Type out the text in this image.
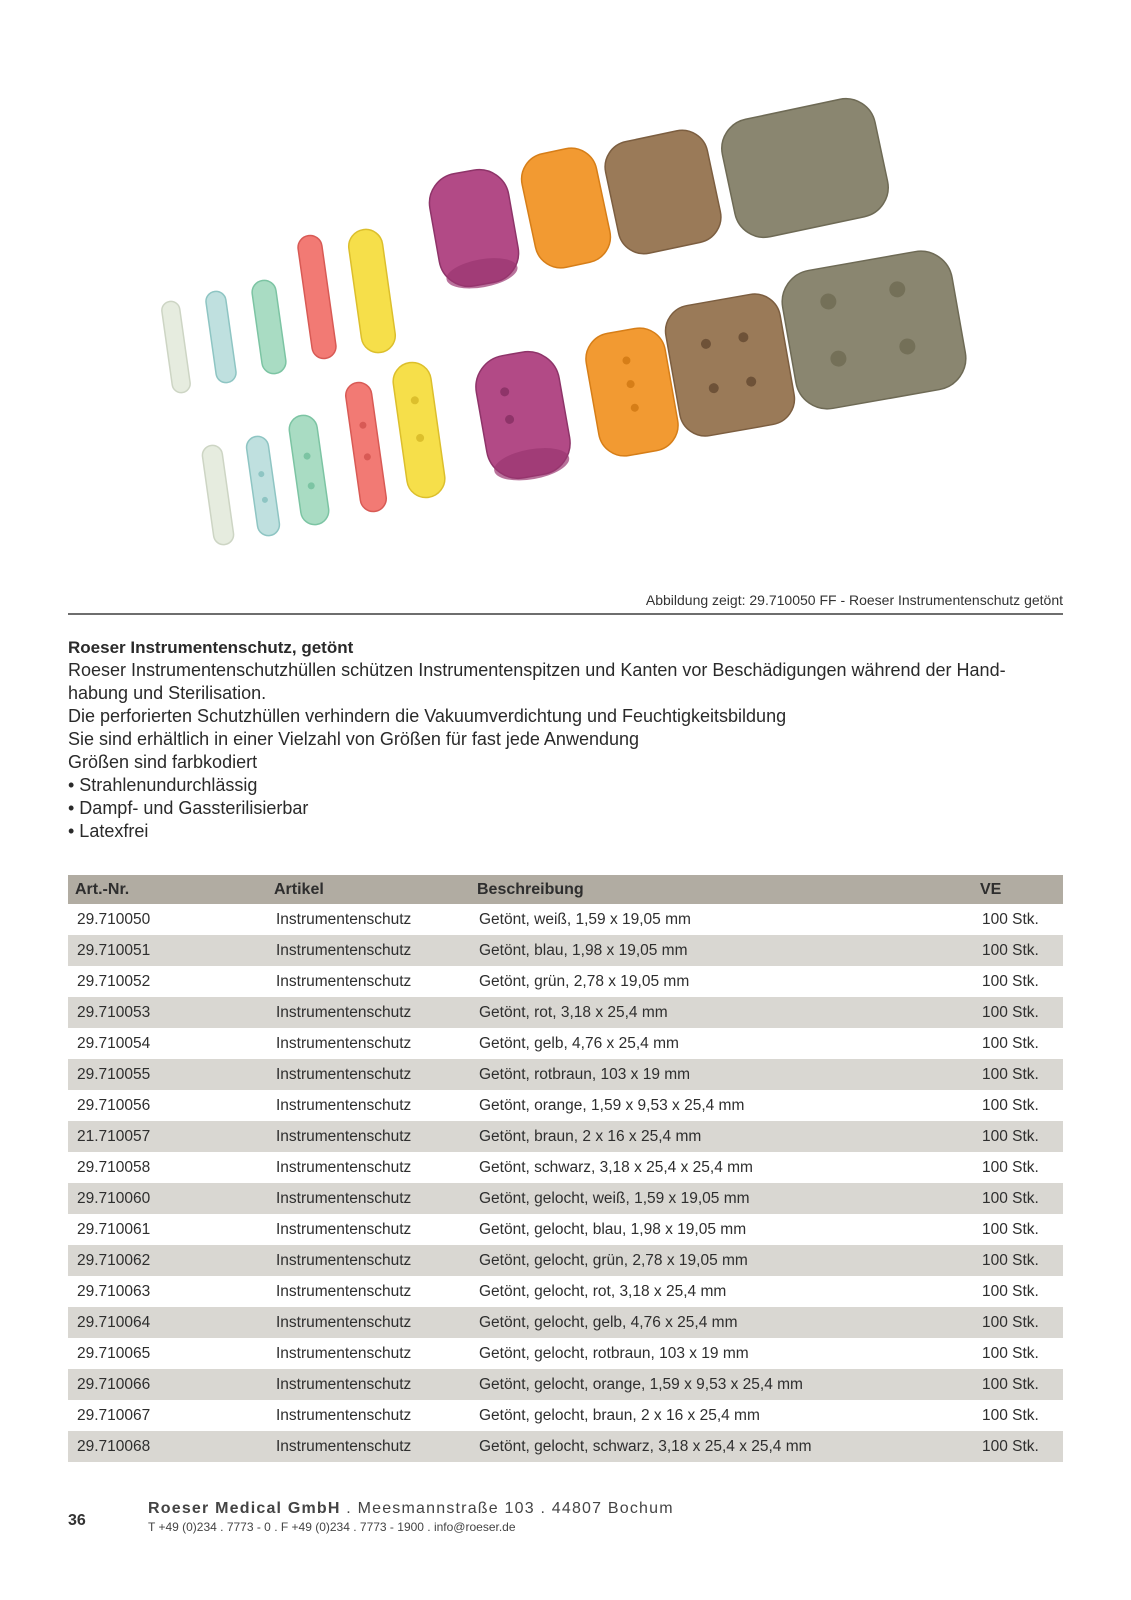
Abbildung zeigt: 29.710050 FF - Roeser Instrumentenschutz getönt
Roeser Instrumentenschutz, getönt
Roeser Instrumentenschutzhüllen schützen Instrumentenspitzen und Kanten vor Beschädigungen während der Hand-
habung und Sterilisation.
Die perforierten Schutzhüllen verhindern die Vakuumverdichtung und Feuchtigkeitsbildung
Sie sind erhältlich in einer Vielzahl von Größen für fast jede Anwendung
Größen sind farbkodiert
• Strahlenundurchlässig
• Dampf- und Gassterilisierbar
• Latexfrei
Art.-Nr.	Artikel	Beschreibung	VE
29.710050	Instrumentenschutz	Getönt, weiß, 1,59 x 19,05 mm	100 Stk.
29.710051	Instrumentenschutz	Getönt, blau, 1,98 x 19,05 mm	100 Stk.
29.710052	Instrumentenschutz	Getönt, grün, 2,78 x 19,05 mm	100 Stk.
29.710053	Instrumentenschutz	Getönt, rot, 3,18 x 25,4 mm	100 Stk.
29.710054	Instrumentenschutz	Getönt, gelb, 4,76 x 25,4 mm	100 Stk.
29.710055	Instrumentenschutz	Getönt, rotbraun, 103 x 19 mm	100 Stk.
29.710056	Instrumentenschutz	Getönt, orange, 1,59 x 9,53 x 25,4 mm	100 Stk.
21.710057	Instrumentenschutz	Getönt, braun, 2 x 16 x 25,4 mm	100 Stk.
29.710058	Instrumentenschutz	Getönt, schwarz, 3,18 x 25,4 x 25,4 mm	100 Stk.
29.710060	Instrumentenschutz	Getönt, gelocht, weiß, 1,59 x 19,05 mm	100 Stk.
29.710061	Instrumentenschutz	Getönt, gelocht, blau, 1,98 x 19,05 mm	100 Stk.
29.710062	Instrumentenschutz	Getönt, gelocht, grün, 2,78 x 19,05 mm	100 Stk.
29.710063	Instrumentenschutz	Getönt, gelocht, rot, 3,18 x 25,4 mm	100 Stk.
29.710064	Instrumentenschutz	Getönt, gelocht, gelb, 4,76 x 25,4 mm	100 Stk.
29.710065	Instrumentenschutz	Getönt, gelocht, rotbraun, 103 x 19 mm	100 Stk.
29.710066	Instrumentenschutz	Getönt, gelocht, orange, 1,59 x 9,53 x 25,4 mm	100 Stk.
29.710067	Instrumentenschutz	Getönt, gelocht, braun, 2 x 16 x 25,4 mm	100 Stk.
29.710068	Instrumentenschutz	Getönt, gelocht, schwarz, 3,18 x 25,4 x 25,4 mm	100 Stk.
36
Roeser Medical GmbH . Meesmannstraße 103 . 44807 Bochum
T +49 (0)234 . 7773 - 0 . F +49 (0)234 . 7773 - 1900 . info@roeser.de
